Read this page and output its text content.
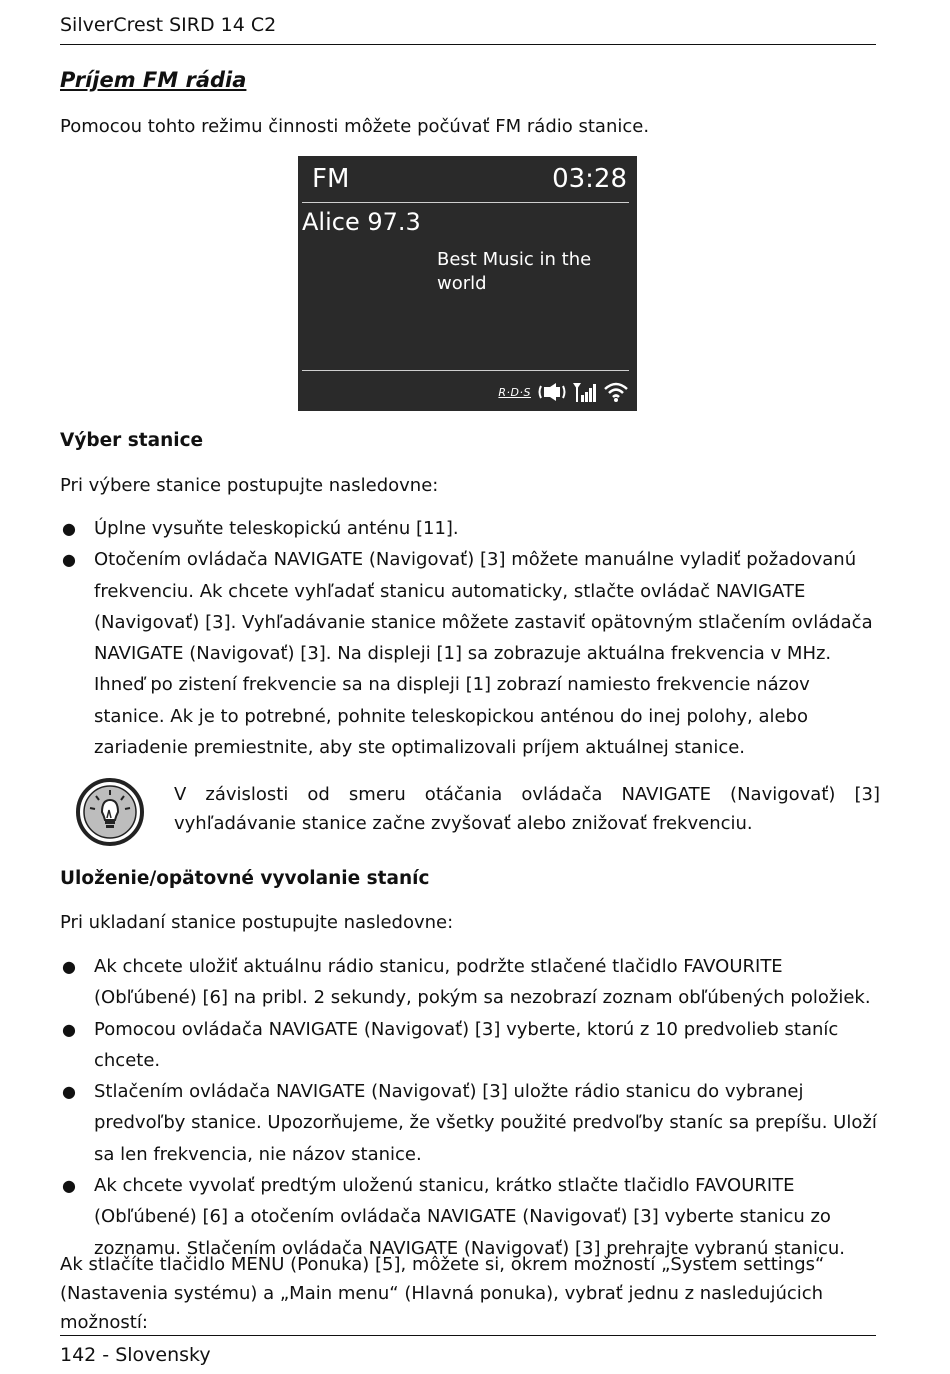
SilverCrest SIRD 14 C2
Príjem FM rádia
Pomocou tohto režimu činnosti môžete počúvať FM rádio stanice.
FM	03:28
Alice 97.3
Best Music in the world
R·D·S
Výber stanice
Pri výbere stanice postupujte nasledovne:
● Úplne vysuňte teleskopickú anténu [11].
● Otočením ovládača NAVIGATE (Navigovať) [3] môžete manuálne vyladiť požadovanú frekvenciu. Ak chcete vyhľadať stanicu automaticky, stlačte ovládač NAVIGATE (Navigovať) [3]. Vyhľadávanie stanice môžete zastaviť opätovným stlačením ovládača NAVIGATE (Navigovať) [3]. Na displeji [1] sa zobrazuje aktuálna frekvencia v MHz. Ihneď po zistení frekvencie sa na displeji [1] zobrazí namiesto frekvencie názov stanice. Ak je to potrebné, pohnite teleskopickou anténou do inej polohy, alebo zariadenie premiestnite, aby ste optimalizovali príjem aktuálnej stanice.
V závislosti od smeru otáčania ovládača NAVIGATE (Navigovať) [3] vyhľadávanie stanice začne zvyšovať alebo znižovať frekvenciu.
Uloženie/opätovné vyvolanie staníc
Pri ukladaní stanice postupujte nasledovne:
● Ak chcete uložiť aktuálnu rádio stanicu, podržte stlačené tlačidlo FAVOURITE (Obľúbené) [6] na pribl. 2 sekundy, pokým sa nezobrazí zoznam obľúbených položiek.
● Pomocou ovládača NAVIGATE (Navigovať) [3] vyberte, ktorú z 10 predvolieb staníc chcete.
● Stlačením ovládača NAVIGATE (Navigovať) [3] uložte rádio stanicu do vybranej predvoľby stanice. Upozorňujeme, že všetky použité predvoľby staníc sa prepíšu. Uloží sa len frekvencia, nie názov stanice.
● Ak chcete vyvolať predtým uloženú stanicu, krátko stlačte tlačidlo FAVOURITE (Obľúbené) [6] a otočením ovládača NAVIGATE (Navigovať) [3] vyberte stanicu zo zoznamu. Stlačením ovládača NAVIGATE (Navigovať) [3] prehrajte vybranú stanicu.
Ak stlačíte tlačidlo MENU (Ponuka) [5], môžete si, okrem možností „System settings“ (Nastavenia systému) a „Main menu“ (Hlavná ponuka), vybrať jednu z nasledujúcich možností:
142 - Slovensky
